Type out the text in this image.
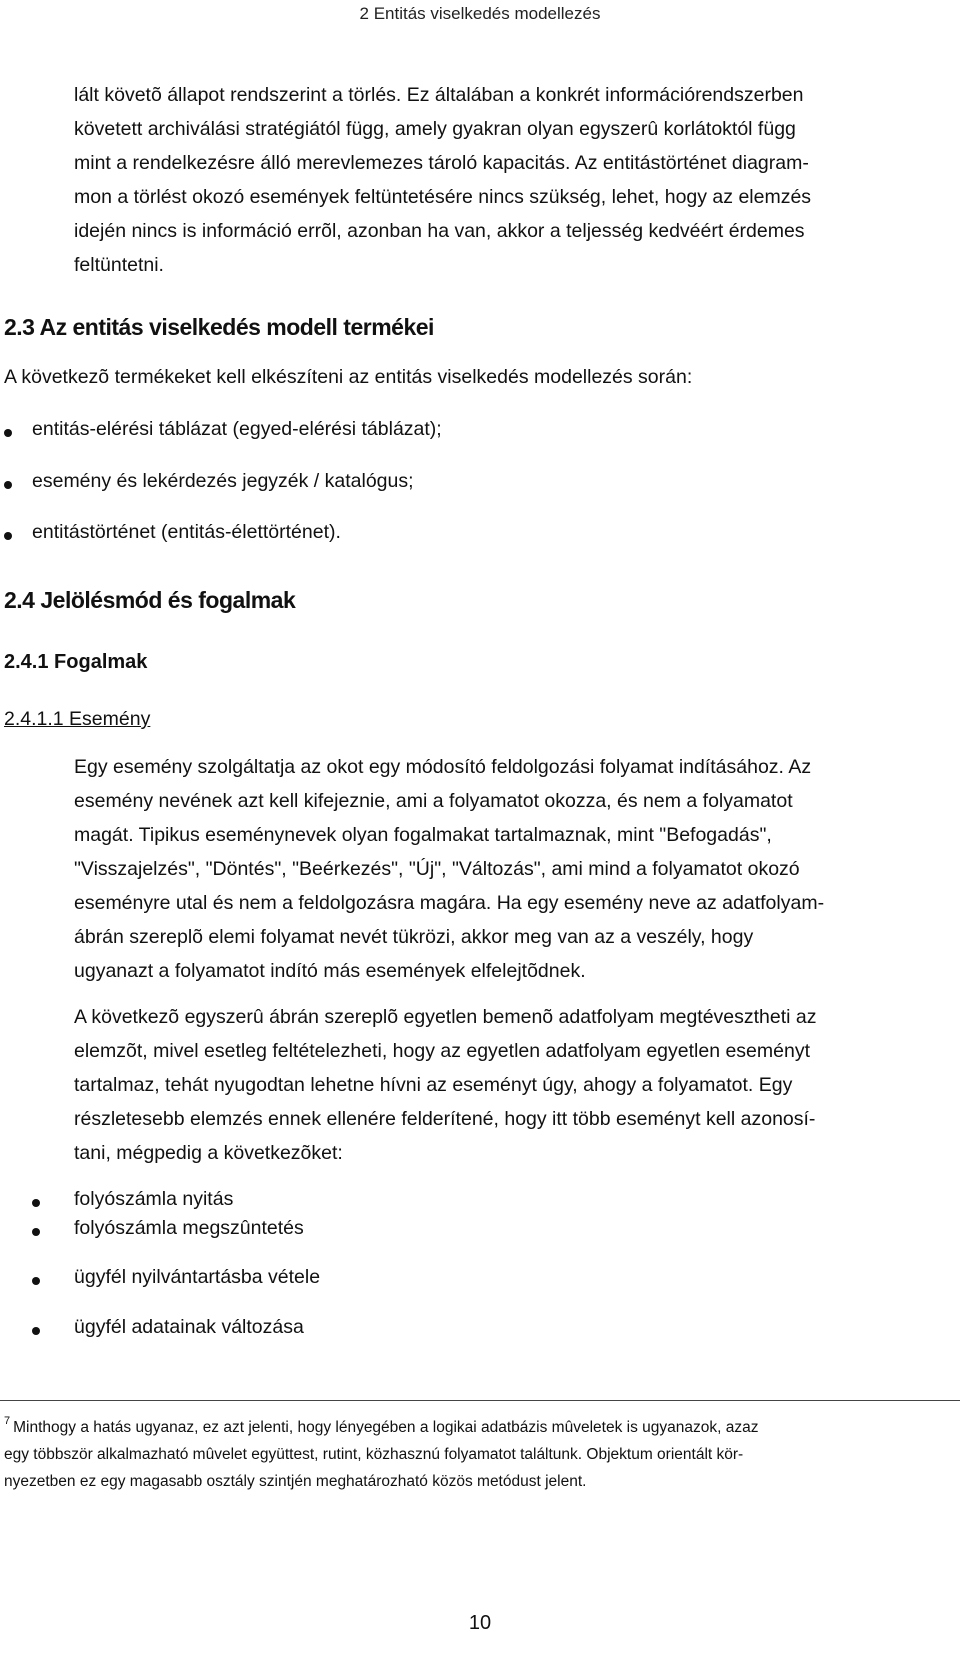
2 Entitás viselkedés modellezés
lált követõ állapot rendszerint a törlés. Ez általában a konkrét információrendszerben
követett archiválási stratégiától függ, amely gyakran olyan egyszerû korlátoktól függ
mint a rendelkezésre álló merevlemezes tároló kapacitás. Az entitástörténet diagram-
mon a törlést okozó események feltüntetésére nincs szükség, lehet, hogy az elemzés
idején nincs is információ errõl, azonban ha van, akkor a teljesség kedvéért érdemes
feltüntetni.
2.3 Az entitás viselkedés modell termékei
A következõ termékeket kell elkészíteni az entitás viselkedés modellezés során:
entitás-elérési táblázat (egyed-elérési táblázat);
esemény és lekérdezés jegyzék / katalógus;
entitástörténet (entitás-élettörténet).
2.4 Jelölésmód és fogalmak
2.4.1 Fogalmak
2.4.1.1 Esemény
Egy esemény szolgáltatja az okot egy módosító feldolgozási folyamat indításához. Az
esemény nevének azt kell kifejeznie, ami a folyamatot okozza, és nem a folyamatot
magát. Tipikus eseménynevek olyan fogalmakat tartalmaznak, mint "Befogadás",
"Visszajelzés", "Döntés", "Beérkezés", "Új", "Változás", ami mind a folyamatot okozó
eseményre utal és nem a feldolgozásra magára. Ha egy esemény neve az adatfolyam-
ábrán szereplõ elemi folyamat nevét tükrözi, akkor meg van az a veszély, hogy
ugyanazt a folyamatot indító más események elfelejtõdnek.
A következõ egyszerû ábrán szereplõ egyetlen bemenõ adatfolyam megtévesztheti az
elemzõt, mivel esetleg feltételezheti, hogy az egyetlen adatfolyam egyetlen eseményt
tartalmaz, tehát nyugodtan lehetne hívni az eseményt úgy, ahogy a folyamatot. Egy
részletesebb elemzés ennek ellenére felderítené, hogy itt több eseményt kell azonosí-
tani, mégpedig a következõket:
folyószámla nyitás
folyószámla megszûntetés
ügyfél nyilvántartásba vétele
ügyfél adatainak változása
$^7$ Minthogy a hatás ugyanaz, ez azt jelenti, hogy lényegében a logikai adatbázis mûveletek is ugyanazok, azaz
egy többször alkalmazható mûvelet együttest, rutint, közhasznú folyamatot találtunk. Objektum orientált kör-
nyezetben ez egy magasabb osztály szintjén meghatározható közös metódust jelent.
10
